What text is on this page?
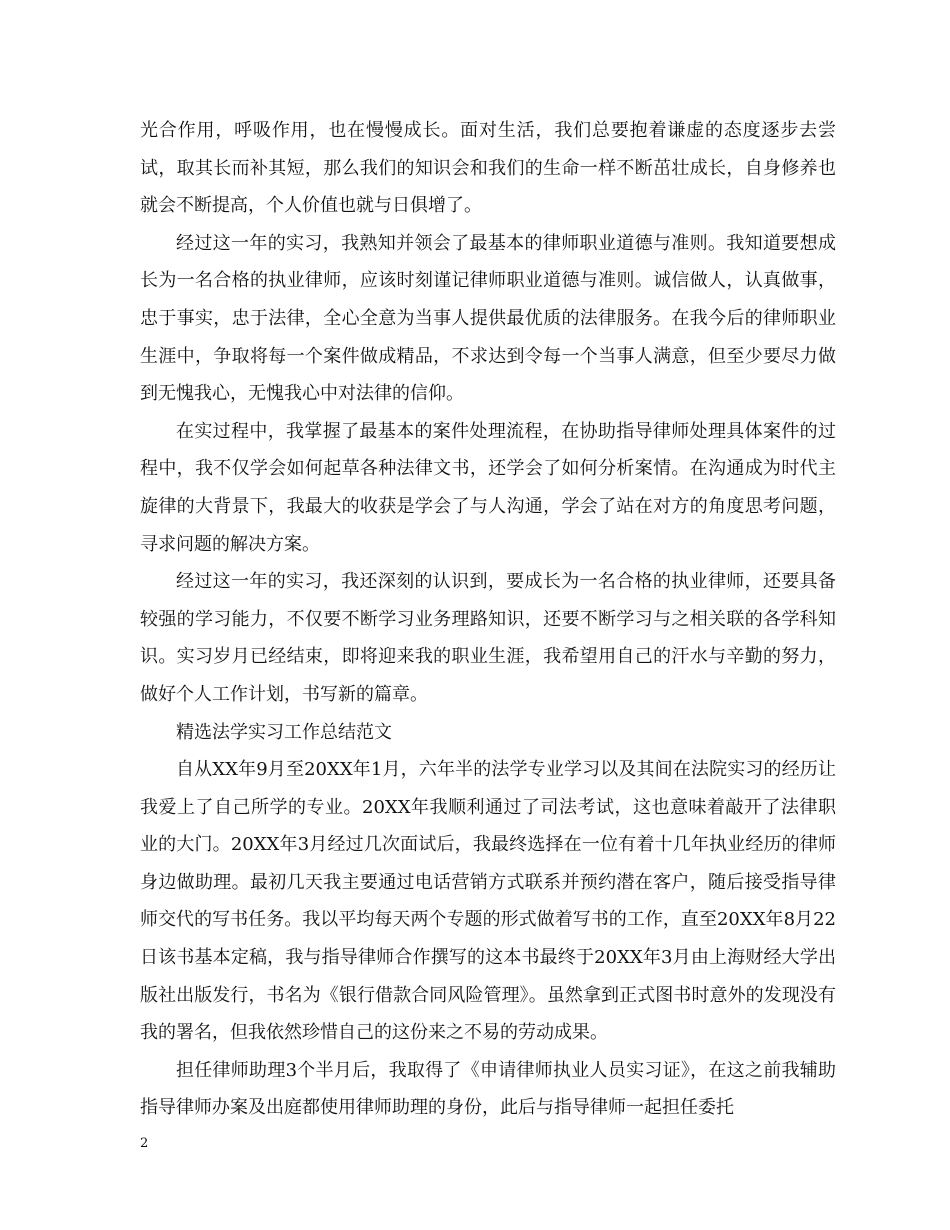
光合作用，呼吸作用，也在慢慢成长。面对生活，我们总要抱着谦虚的态度逐步去尝试，取其长而补其短，那么我们的知识会和我们的生命一样不断茁壮成长，自身修养也就会不断提高，个人价值也就与日俱增了。

经过这一年的实习，我熟知并领会了最基本的律师职业道德与准则。我知道要想成长为一名合格的执业律师，应该时刻谨记律师职业道德与准则。诚信做人，认真做事，忠于事实，忠于法律，全心全意为当事人提供最优质的法律服务。在我今后的律师职业生涯中，争取将每一个案件做成精品，不求达到令每一个当事人满意，但至少要尽力做到无愧我心，无愧我心中对法律的信仰。

在实过程中，我掌握了最基本的案件处理流程，在协助指导律师处理具体案件的过程中，我不仅学会如何起草各种法律文书，还学会了如何分析案情。在沟通成为时代主旋律的大背景下，我最大的收获是学会了与人沟通，学会了站在对方的角度思考问题，寻求问题的解决方案。

经过这一年的实习，我还深刻的认识到，要成长为一名合格的执业律师，还要具备较强的学习能力，不仅要不断学习业务理路知识，还要不断学习与之相关联的各学科知识。实习岁月已经结束，即将迎来我的职业生涯，我希望用自己的汗水与辛勤的努力，做好个人工作计划，书写新的篇章。

精选法学实习工作总结范文

自从XX年9月至20XX年1月，六年半的法学专业学习以及其间在法院实习的经历让我爱上了自己所学的专业。20XX年我顺利通过了司法考试，这也意味着敲开了法律职业的大门。20XX年3月经过几次面试后，我最终选择在一位有着十几年执业经历的律师身边做助理。最初几天我主要通过电话营销方式联系并预约潜在客户，随后接受指导律师交代的写书任务。我以平均每天两个专题的形式做着写书的工作，直至20XX年8月22日该书基本定稿，我与指导律师合作撰写的这本书最终于20XX年3月由上海财经大学出版社出版发行，书名为《银行借款合同风险管理》。虽然拿到正式图书时意外的发现没有我的署名，但我依然珍惜自己的这份来之不易的劳动成果。

担任律师助理3个半月后，我取得了《申请律师执业人员实习证》，在这之前我辅助指导律师办案及出庭都使用律师助理的身份，此后与指导律师一起担任委托

2
